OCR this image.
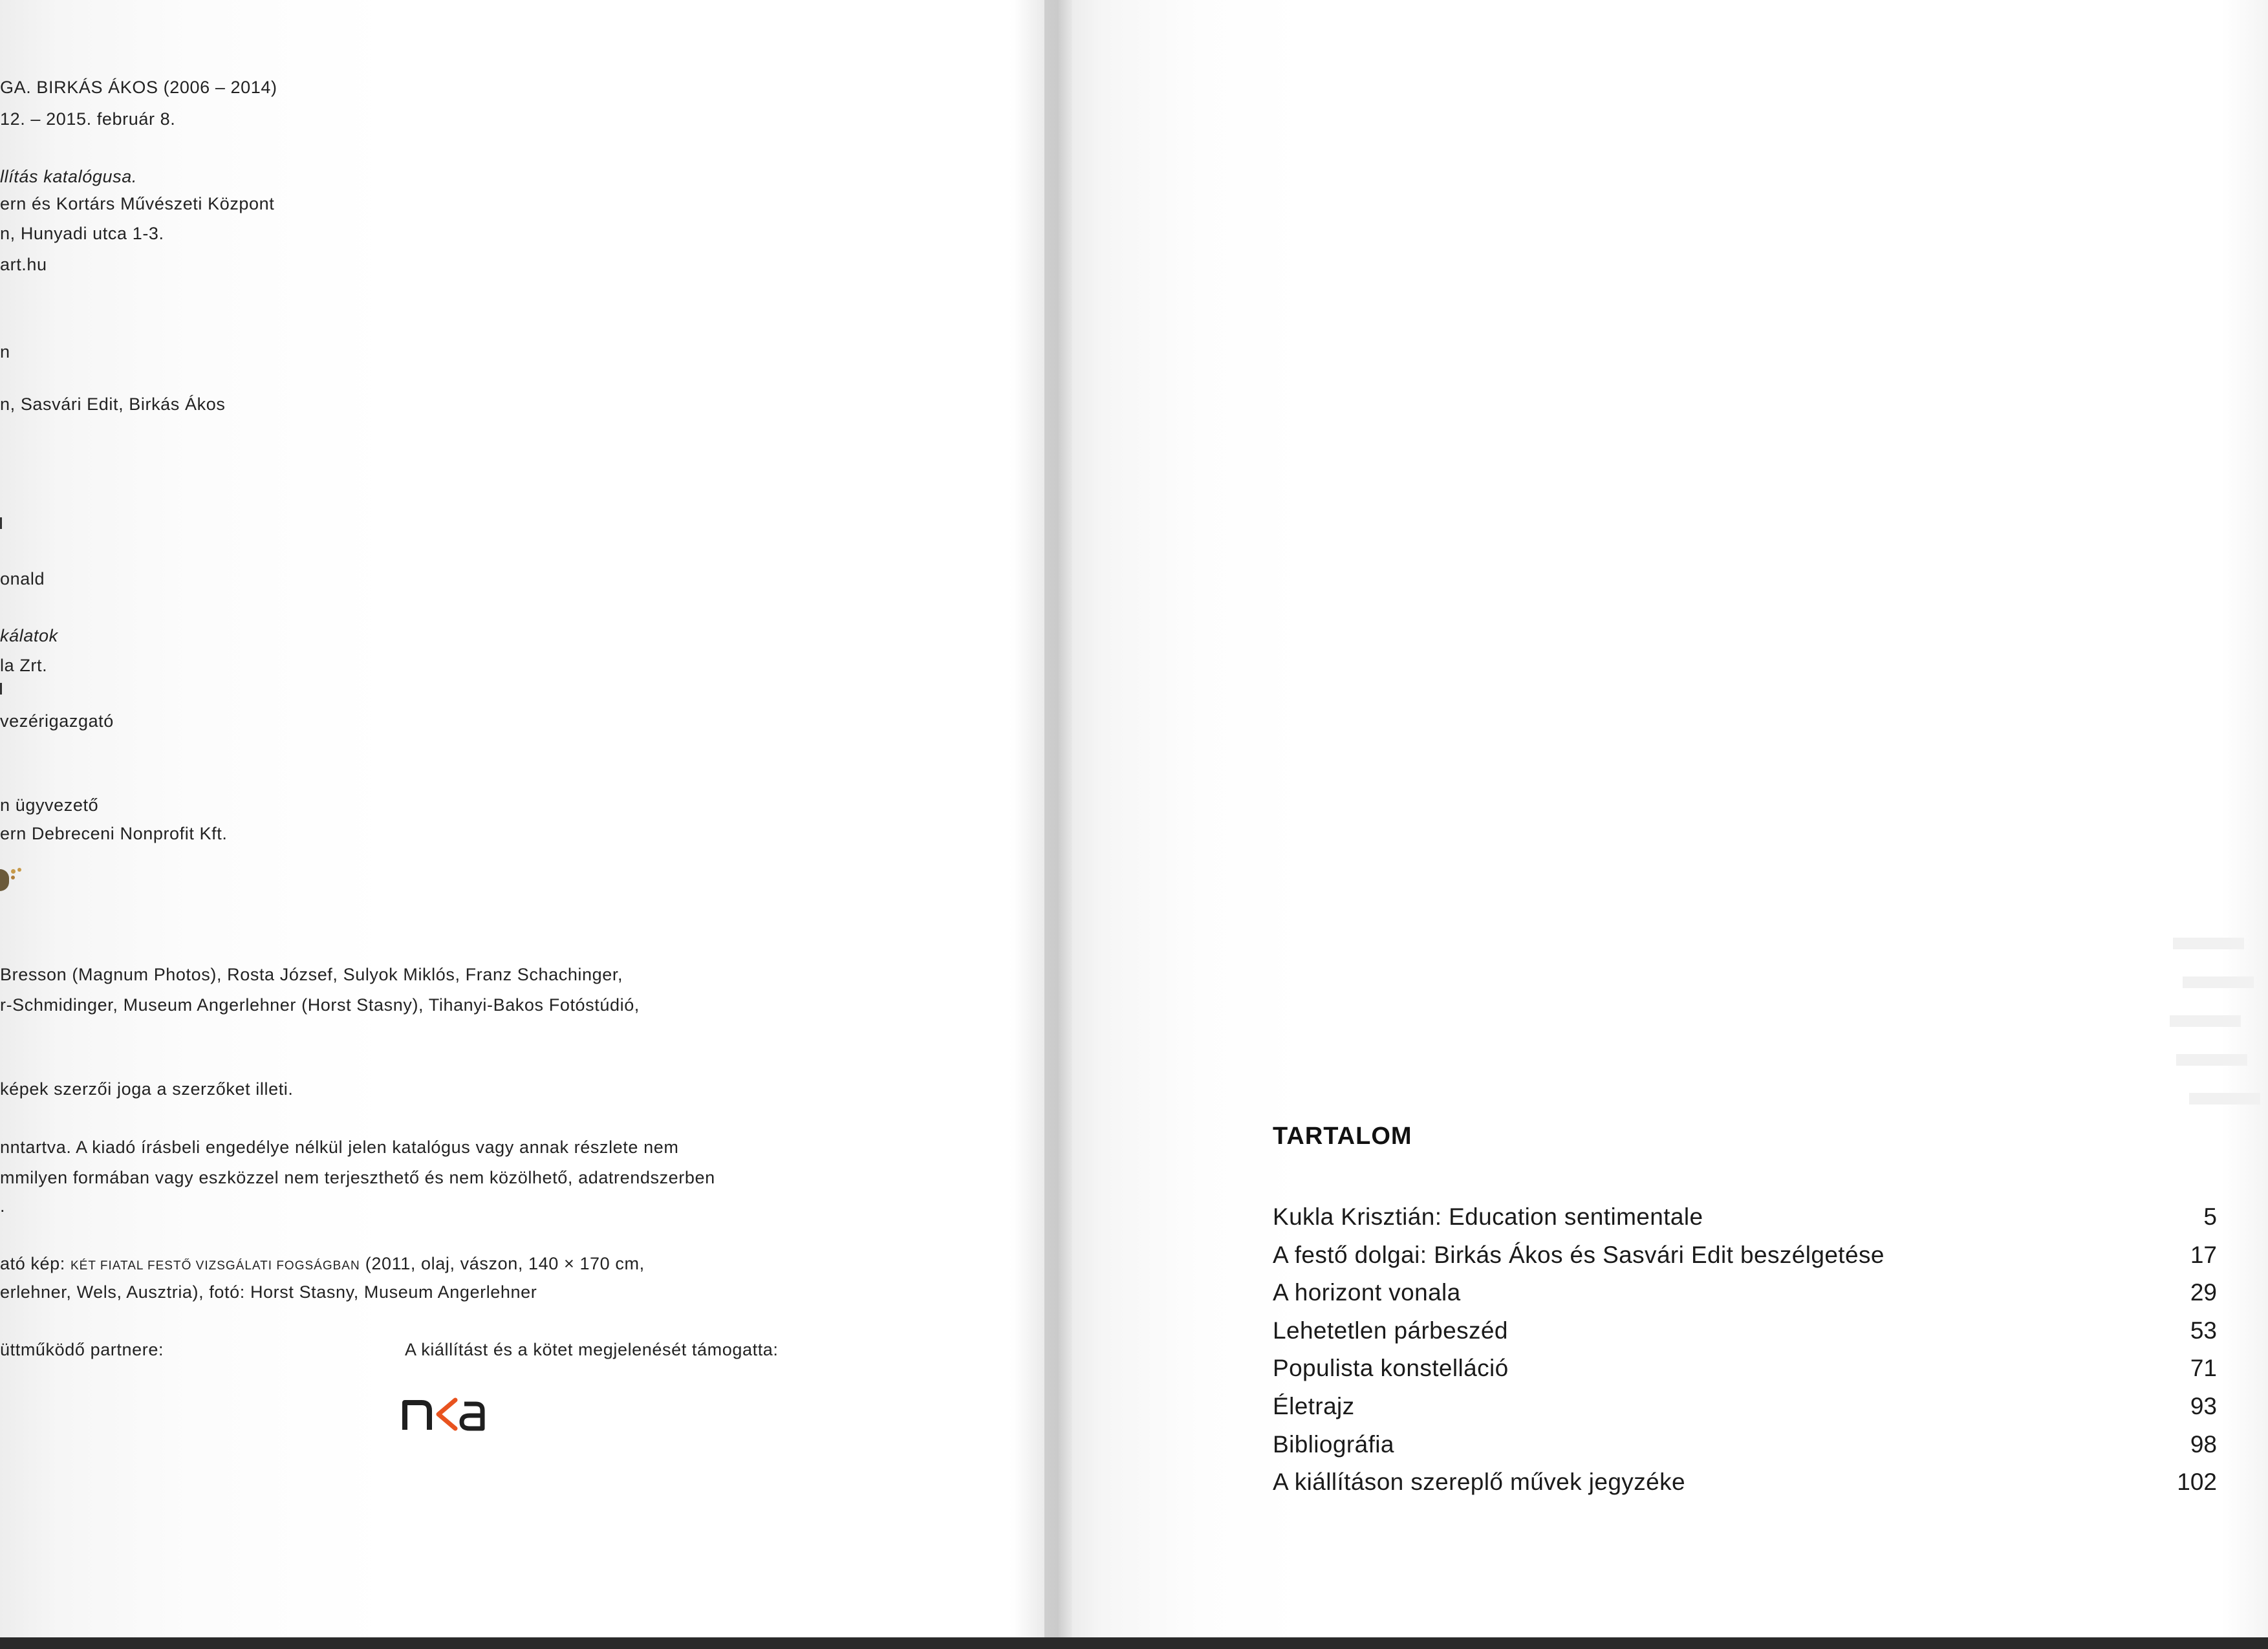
GA. BIRKÁS ÁKOS (2006 – 2014)
12. – 2015. február 8.
llítás katalógusa.
ern és Kortárs Művészeti Központ
n, Hunyadi utca 1-3.
art.hu
n
n, Sasvári Edit, Birkás Ákos
onald
kálatok
la Zrt.
vezérigazgató
n ügyvezető
ern Debreceni Nonprofit Kft.
Bresson (Magnum Photos), Rosta József, Sulyok Miklós, Franz Schachinger,
r-Schmidinger, Museum Angerlehner (Horst Stasny), Tihanyi-Bakos Fotóstúdió,
képek szerzői joga a szerzőket illeti.
nntartva. A kiadó írásbeli engedélye nélkül jelen katalógus vagy annak részlete nem
mmilyen formában vagy eszközzel nem terjeszthető és nem közölhető, adatrendszerben
.
ató kép: KÉT FIATAL FESTŐ VIZSGÁLATI FOGSÁGBAN (2011, olaj, vászon, 140 × 170 cm,
erlehner, Wels, Ausztria), fotó: Horst Stasny, Museum Angerlehner
üttműködő partnere:	A kiállítást és a kötet megjelenését támogatta:
TARTALOM
Kukla Krisztián: Education sentimentale	5
A festő dolgai: Birkás Ákos és Sasvári Edit beszélgetése	17
A horizont vonala	29
Lehetetlen párbeszéd	53
Populista konstelláció	71
Életrajz	93
Bibliográfia	98
A kiállításon szereplő művek jegyzéke	102
